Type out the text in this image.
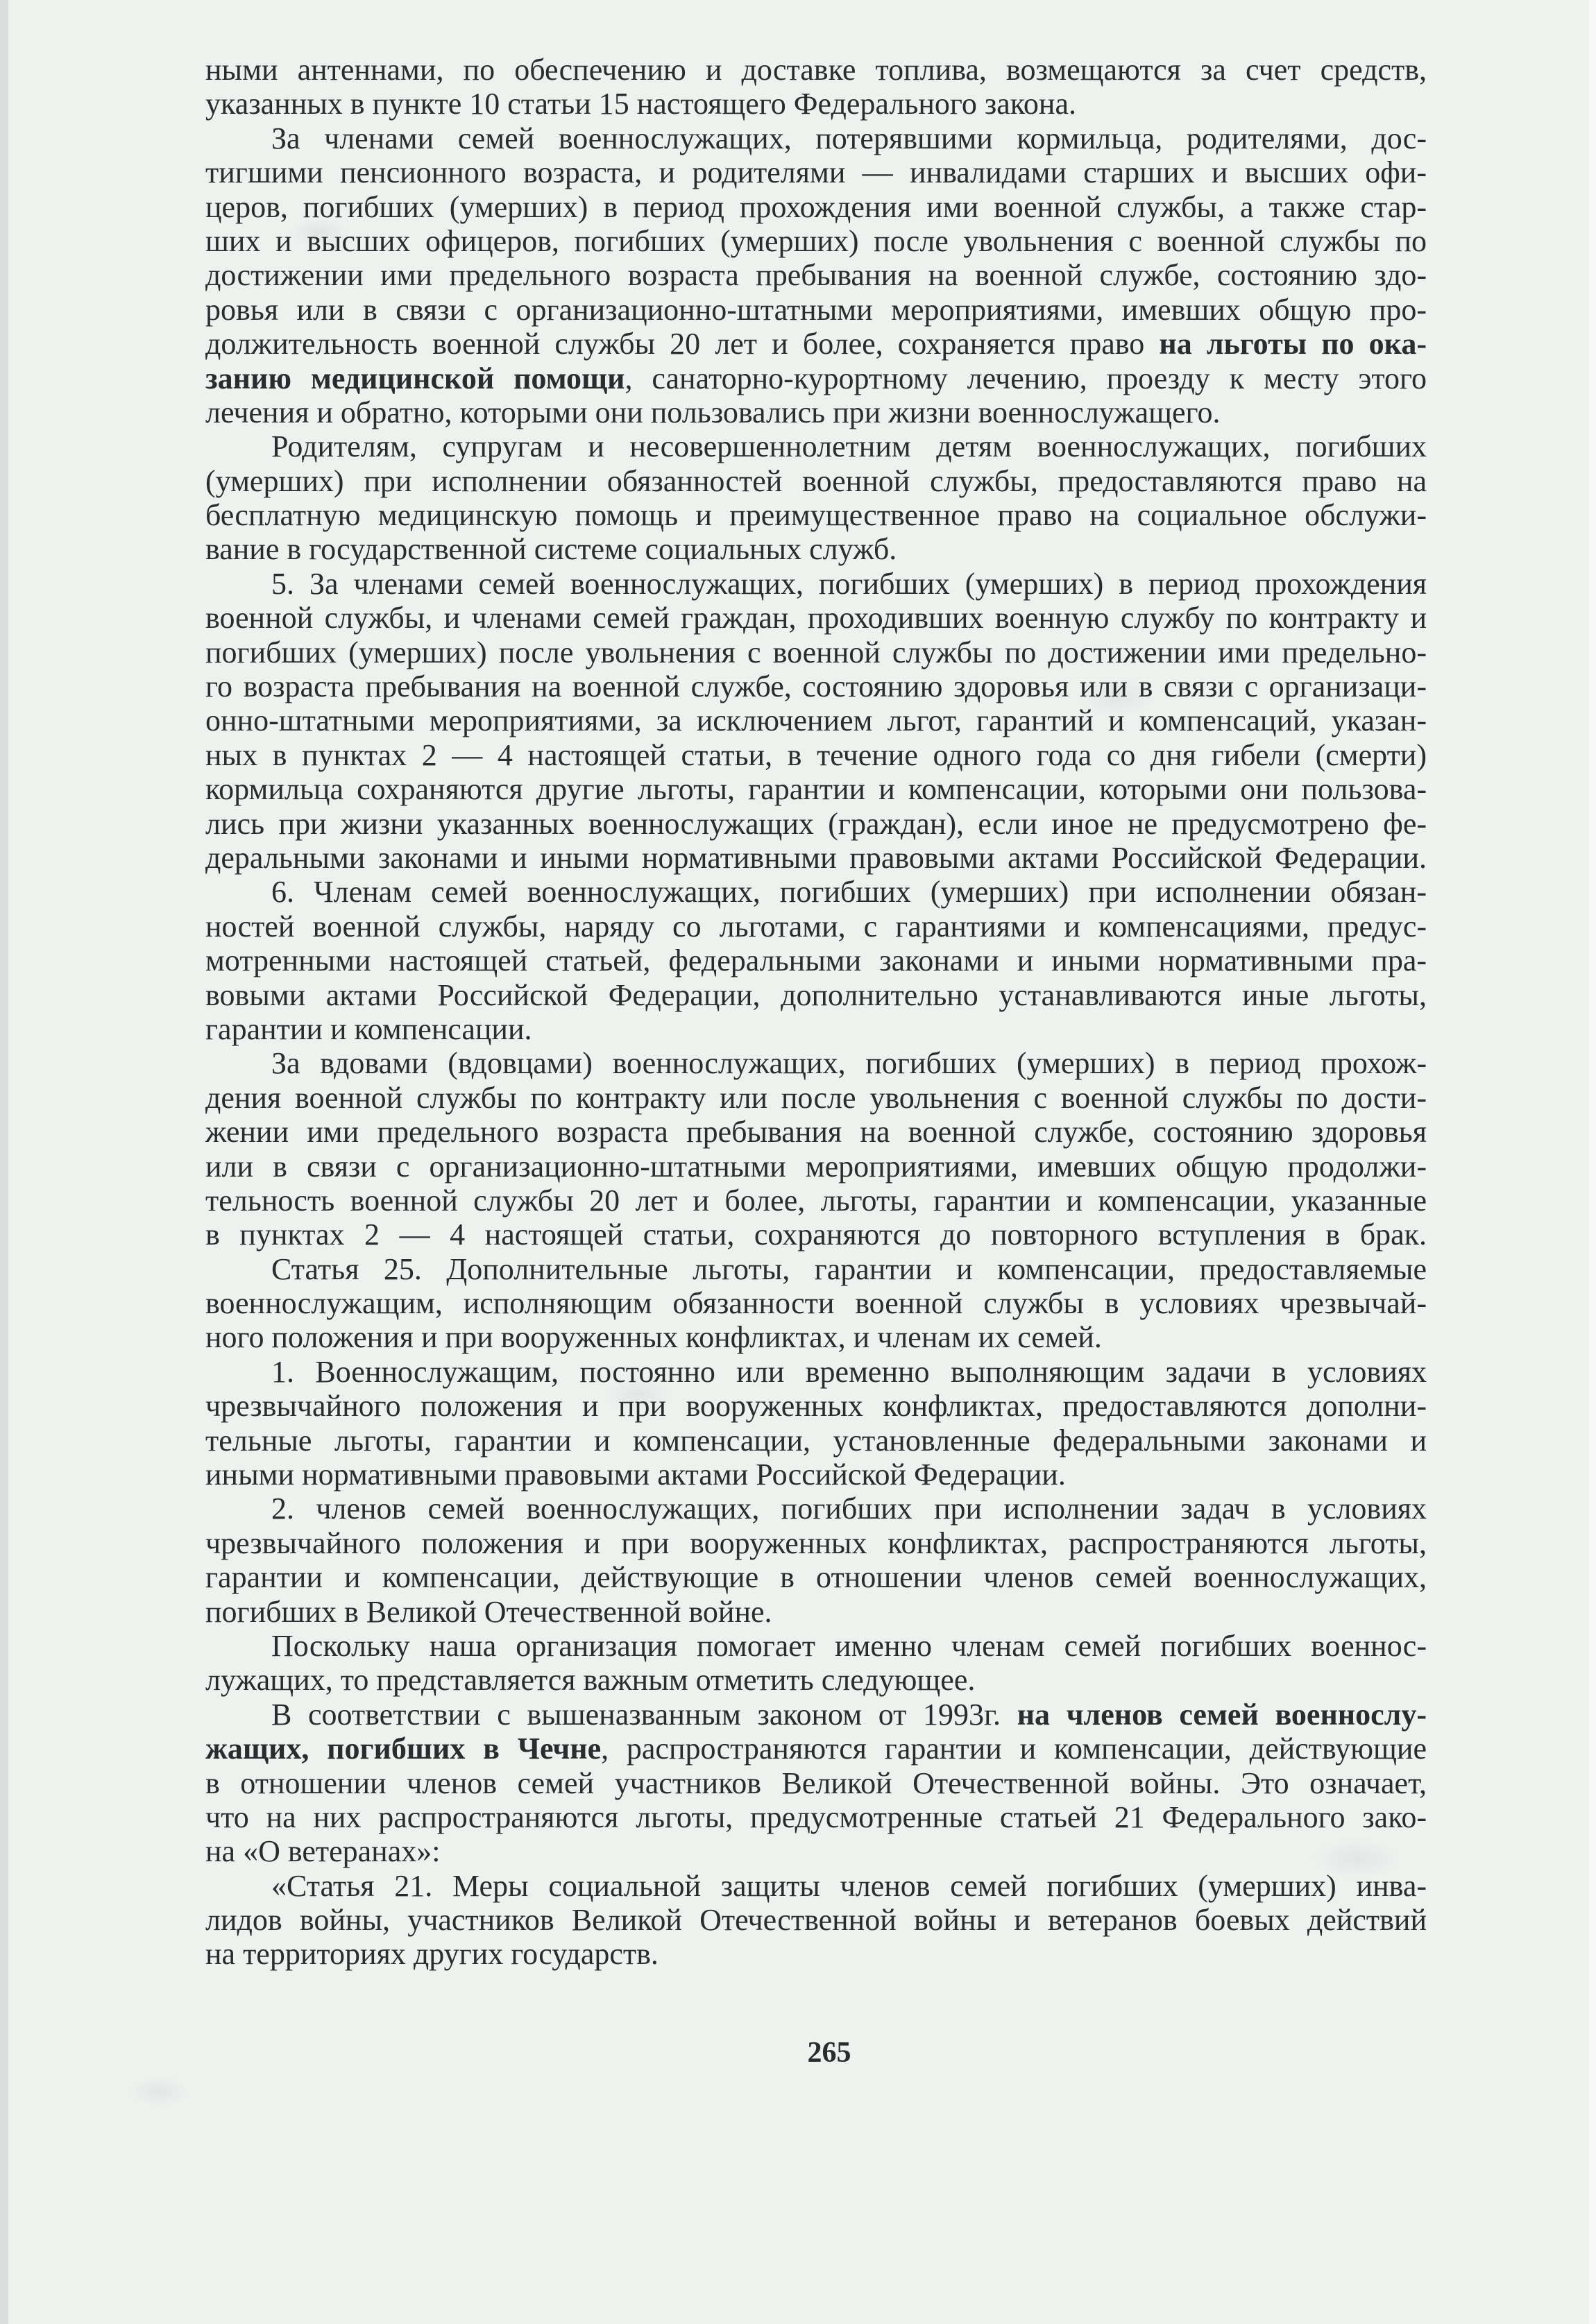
ными антеннами, по обеспечению и доставке топлива, возмещаются за счет средств,
указанных в пункте 10 статьи 15 настоящего Федерального закона.
За членами семей военнослужащих, потерявшими кормильца, родителями, дос-
тигшими пенсионного возраста, и родителями — инвалидами старших и высших офи-
церов, погибших (умерших) в период прохождения ими военной службы, а также стар-
ших и высших офицеров, погибших (умерших) после увольнения с военной службы по
достижении ими предельного возраста пребывания на военной службе, состоянию здо-
ровья или в связи с организационно-штатными мероприятиями, имевших общую про-
должительность военной службы 20 лет и более, сохраняется право на льготы по ока-
занию медицинской помощи, санаторно-курортному лечению, проезду к месту этого
лечения и обратно, которыми они пользовались при жизни военнослужащего.
Родителям, супругам и несовершеннолетним детям военнослужащих, погибших
(умерших) при исполнении обязанностей военной службы, предоставляются право на
бесплатную медицинскую помощь и преимущественное право на социальное обслужи-
вание в государственной системе социальных служб.
5. За членами семей военнослужащих, погибших (умерших) в период прохождения
военной службы, и членами семей граждан, проходивших военную службу по контракту и
погибших (умерших) после увольнения с военной службы по достижении ими предельно-
го возраста пребывания на военной службе, состоянию здоровья или в связи с организаци-
онно-штатными мероприятиями, за исключением льгот, гарантий и компенсаций, указан-
ных в пунктах 2 — 4 настоящей статьи, в течение одного года со дня гибели (смерти)
кормильца сохраняются другие льготы, гарантии и компенсации, которыми они пользова-
лись при жизни указанных военнослужащих (граждан), если иное не предусмотрено фе-
деральными законами и иными нормативными правовыми актами Российской Федерации.
6. Членам семей военнослужащих, погибших (умерших) при исполнении обязан-
ностей военной службы, наряду со льготами, с гарантиями и компенсациями, предус-
мотренными настоящей статьей, федеральными законами и иными нормативными пра-
вовыми актами Российской Федерации, дополнительно устанавливаются иные льготы,
гарантии и компенсации.
За вдовами (вдовцами) военнослужащих, погибших (умерших) в период прохож-
дения военной службы по контракту или после увольнения с военной службы по дости-
жении ими предельного возраста пребывания на военной службе, состоянию здоровья
или в связи с организационно-штатными мероприятиями, имевших общую продолжи-
тельность военной службы 20 лет и более, льготы, гарантии и компенсации, указанные
в пунктах 2 — 4 настоящей статьи, сохраняются до повторного вступления в брак.
Статья 25. Дополнительные льготы, гарантии и компенсации, предоставляемые
военнослужащим, исполняющим обязанности военной службы в условиях чрезвычай-
ного положения и при вооруженных конфликтах, и членам их семей.
1. Военнослужащим, постоянно или временно выполняющим задачи в условиях
чрезвычайного положения и при вооруженных конфликтах, предоставляются дополни-
тельные льготы, гарантии и компенсации, установленные федеральными законами и
иными нормативными правовыми актами Российской Федерации.
2. членов семей военнослужащих, погибших при исполнении задач в условиях
чрезвычайного положения и при вооруженных конфликтах, распространяются льготы,
гарантии и компенсации, действующие в отношении членов семей военнослужащих,
погибших в Великой Отечественной войне.
Поскольку наша организация помогает именно членам семей погибших военнос-
лужащих, то представляется важным отметить следующее.
В соответствии с вышеназванным законом от 1993г. на членов семей военнослу-
жащих, погибших в Чечне, распространяются гарантии и компенсации, действующие
в отношении членов семей участников Великой Отечественной войны. Это означает,
что на них распространяются льготы, предусмотренные статьей 21 Федерального зако-
на «О ветеранах»:
«Статья 21. Меры социальной защиты членов семей погибших (умерших) инва-
лидов войны, участников Великой Отечественной войны и ветеранов боевых действий
на территориях других государств.
265
